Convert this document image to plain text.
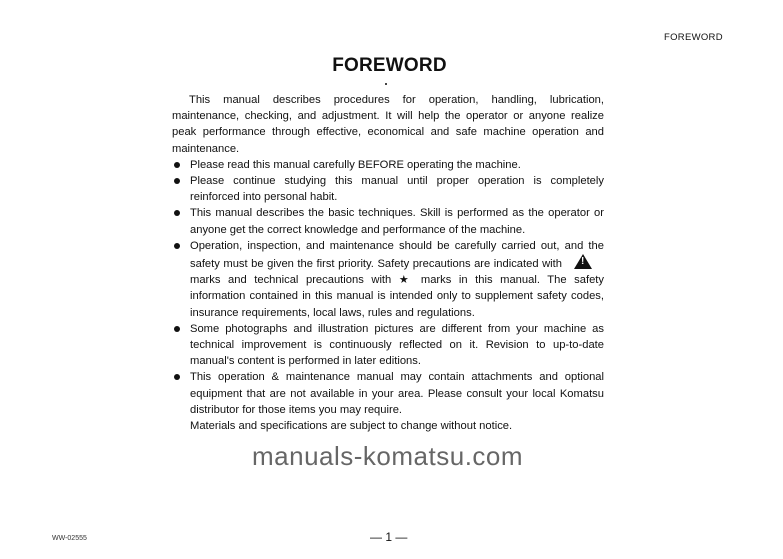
FOREWORD
FOREWORD

This manual describes procedures for operation, handling, lubrication, maintenance, checking, and adjustment. It will help the operator or anyone realize peak performance through effective, economical and safe machine operation and maintenance.

Please read this manual carefully BEFORE operating the machine.
Please continue studying this manual until proper operation is completely reinforced into personal habit.
This manual describes the basic techniques. Skill is performed as the operator or anyone get the correct knowledge and performance of the machine.
Operation, inspection, and maintenance should be carefully carried out, and the safety must be given the first priority. Safety precautions are indicated with!marks and technical precautions with ★ marks in this manual. The safety information contained in this manual is intended only to supplement safety codes, insurance requirements, local laws, rules and regulations.
Some photographs and illustration pictures are different from your machine as technical improvement is continuously reflected on it. Revision to up-to-date manual's content is performed in later editions.
This operation & maintenance manual may contain attachments and optional equipment that are not available in your area. Please consult your local Komatsu distributor for those items you may require.

Materials and specifications are subject to change without notice.

manuals-komatsu.com
WW-02555	— 1 —
